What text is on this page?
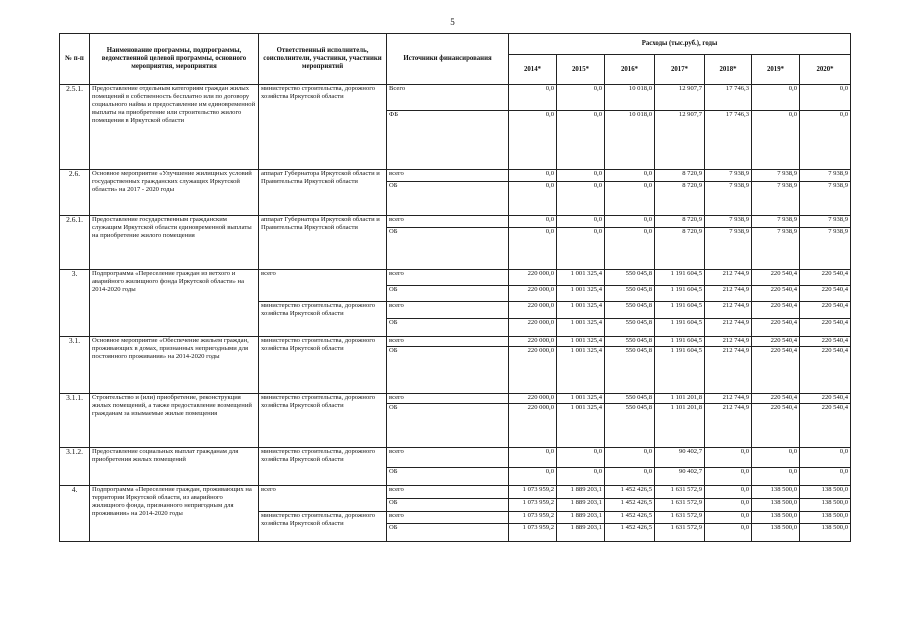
5
№ п-п	Наименование программы, подпрограммы, ведомственной целевой программы, основного мероприятия, мероприятия	Ответственный исполнитель, соисполнители, участники, участники мероприятий	Источники финансирования	Расходы (тыс.руб.), годы						
				2014*	2015*	2016*	2017*	2018*	2019*	2020*
2.5.1.	Предоставление отдельным категориям граждан жилых помещений в собственность бесплатно или по договору социального найма и предоставление им единовременной выплаты на приобретение или строительство жилого помещения в Иркутской области	министерство строительства, дорожного хозяйства Иркутской области	Всего	0,0	0,0	10 018,0	12 907,7	17 746,3	0,0	0,0
			ФБ	0,0	0,0	10 018,0	12 907,7	17 746,3	0,0	0,0
2.6.	Основное мероприятие «Улучшение жилищных условий государственных гражданских служащих Иркутской области» на 2017 - 2020 годы	аппарат Губернатора Иркутской области и Правительства Иркутской области	всего	0,0	0,0	0,0	8 720,9	7 938,9	7 938,9	7 938,9
			ОБ	0,0	0,0	0,0	8 720,9	7 938,9	7 938,9	7 938,9
2.6.1.	Предоставление государственным гражданским служащим Иркутской области единовременной выплаты на приобретение жилого помещения	аппарат Губернатора Иркутской области и Правительства Иркутской области	всего	0,0	0,0	0,0	8 720,9	7 938,9	7 938,9	7 938,9
			ОБ	0,0	0,0	0,0	8 720,9	7 938,9	7 938,9	7 938,9
3.	Подпрограмма «Переселение граждан из ветхого и аварийного жилищного фонда Иркутской области» на 2014-2020 годы	всего	всего	220 000,0	1 001 325,4	550 045,8	1 191 604,5	212 744,9	220 540,4	220 540,4
			ОБ	220 000,0	1 001 325,4	550 045,8	1 191 604,5	212 744,9	220 540,4	220 540,4
		министерство строительства, дорожного хозяйства Иркутской области	всего	220 000,0	1 001 325,4	550 045,8	1 191 604,5	212 744,9	220 540,4	220 540,4
			ОБ	220 000,0	1 001 325,4	550 045,8	1 191 604,5	212 744,9	220 540,4	220 540,4
3.1.	Основное мероприятие «Обеспечение жильем граждан, проживающих в домах, признанных непригодными для постоянного проживания» на 2014-2020 годы	министерство строительства, дорожного хозяйства Иркутской области	всего	220 000,0	1 001 325,4	550 045,8	1 191 604,5	212 744,9	220 540,4	220 540,4
			ОБ	220 000,0	1 001 325,4	550 045,8	1 191 604,5	212 744,9	220 540,4	220 540,4
3.1.1.	Строительство и (или) приобретение, реконструкция жилых помещений, а также предоставление возмещений гражданам за изымаемые жилые помещения	министерство строительства, дорожного хозяйства Иркутской области	всего	220 000,0	1 001 325,4	550 045,8	1 101 201,8	212 744,9	220 540,4	220 540,4
			ОБ	220 000,0	1 001 325,4	550 045,8	1 101 201,8	212 744,9	220 540,4	220 540,4
3.1.2.	Предоставление социальных выплат гражданам для приобретения жилых помещений	министерство строительства, дорожного хозяйства Иркутской области	всего	0,0	0,0	0,0	90 402,7	0,0	0,0	0,0
			ОБ	0,0	0,0	0,0	90 402,7	0,0	0,0	0,0
4.	Подпрограмма «Переселение граждан, проживающих на территории Иркутской области, из аварийного жилищного фонда, признанного непригодным для проживания» на 2014-2020 годы	всего	всего	1 073 959,2	1 889 203,1	1 452 426,5	1 631 572,9	0,0	138 500,0	138 500,0
			ОБ	1 073 959,2	1 889 203,1	1 452 426,5	1 631 572,9	0,0	138 500,0	138 500,0
		министерство строительства, дорожного хозяйства Иркутской области	всего	1 073 959,2	1 889 203,1	1 452 426,5	1 631 572,9	0,0	138 500,0	138 500,0
			ОБ	1 073 959,2	1 889 203,1	1 452 426,5	1 631 572,9	0,0	138 500,0	138 500,0
